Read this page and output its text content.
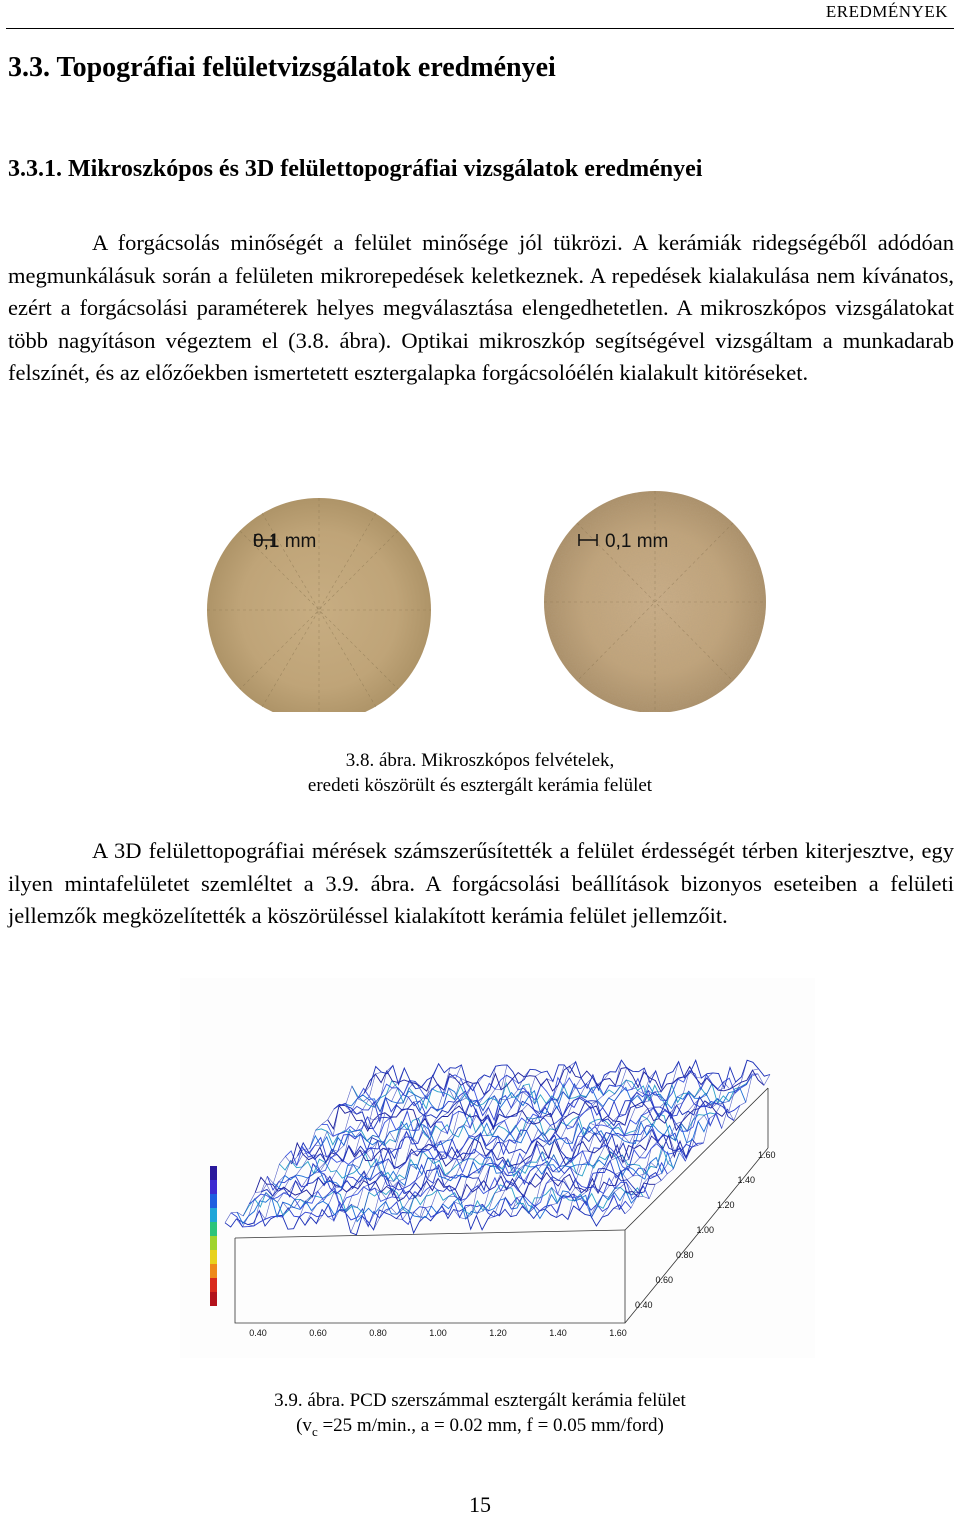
EREDMÉNYEK
3.3. Topográfiai felületvizsgálatok eredményei
3.3.1. Mikroszkópos és 3D felülettopográfiai vizsgálatok eredményei
A forgácsolás minőségét a felület minősége jól tükrözi. A kerámiák ridegségéből adódóan megmunkálásuk során a felületen mikrorepedések keletkeznek. A repedések kialakulása nem kívánatos, ezért a forgácsolási paraméterek helyes megválasztása elengedhetetlen. A mikroszkópos vizsgálatokat több nagyításon végeztem el (3.8. ábra). Optikai mikroszkóp segítségével vizsgáltam a munkadarab felszínét, és az előzőekben ismertetett esztergalapka forgácsolóélén kialakult kitöréseket.
0,1 mm	0,1 mm
3.8. ábra. Mikroszkópos felvételek,
eredeti köszörült és esztergált kerámia felület
A 3D felülettopográfiai mérések számszerűsítették a felület érdességét térben kiterjesztve, egy ilyen mintafelületet szemléltet a 3.9. ábra. A forgácsolási beállítások bizonyos eseteiben a felületi jellemzők megközelítették a köszörüléssel kialakított kerámia felület jellemzőit.
0.40	0.60	0.80	1.00	1.20	1.40	1.60
0.40
0.60
0.80
1.00
1.20
1.40
1.60
3.9. ábra. PCD szerszámmal esztergált kerámia felület
($v_c =25$ m/min., a = 0.02 mm, f = 0.05 mm/ford)
15
